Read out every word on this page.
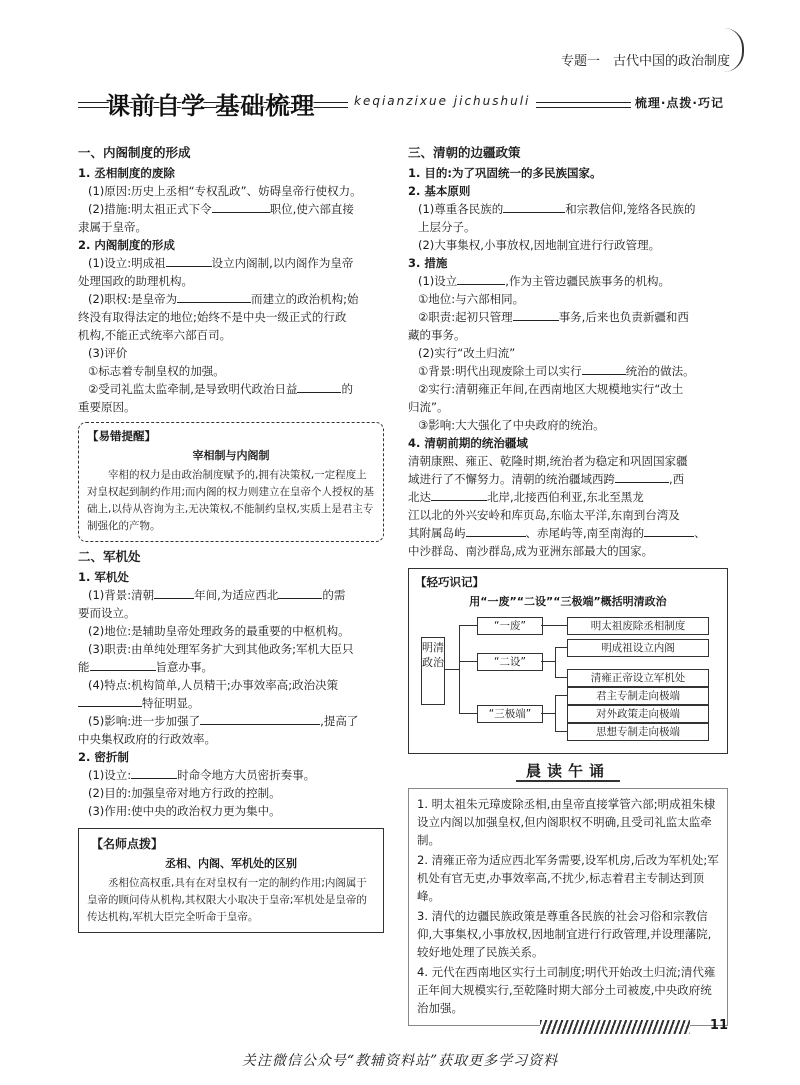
专题一　古代中国的政治制度
课前自学 基础梳理	keqianzixue jichushuli	梳理·点拨·巧记
一、内阁制度的形成
1. 丞相制度的废除

(1)原因:历史上丞相“专权乱政”、妨碍皇帝行使权力。

(2)措施:明太祖正式下令	职位,使六部直接

隶属于皇帝。

2. 内阁制度的形成

(1)设立:明成祖	设立内阁制,以内阁作为皇帝

处理国政的助理机构。

(2)职权:是皇帝为	而建立的政治机构;始

终没有取得法定的地位;始终不是中央一级正式的行政

机构,不能正式统率六部百司。

(3)评价

①标志着专制皇权的加强。

②受司礼监太监牵制,是导致明代政治日益	的

重要原因。

【易错提醒】
宰相制与内阁制
宰相的权力是由政治制度赋予的,拥有决策权,一定程度上对皇权起到制约作用;而内阁的权力则建立在皇帝个人授权的基础上,以侍从咨询为主,无决策权,不能制约皇权,实质上是君主专制强化的产物。
二、军机处
1. 军机处

(1)背景:清朝	年间,为适应西北	的需

要而设立。

(2)地位:是辅助皇帝处理政务的最重要的中枢机构。

(3)职责:由单纯处理军务扩大到其他政务;军机大臣只

能	旨意办事。

(4)特点:机构简单,人员精干;办事效率高;政治决策

特征明显。

(5)影响:进一步加强了	,提高了

中央集权政府的行政效率。

2. 密折制

(1)设立:	时命令地方大员密折奏事。

(2)目的:加强皇帝对地方行政的控制。

(3)作用:使中央的政治权力更为集中。

【名师点拨】
丞相、内阁、军机处的区别
丞相位高权重,具有在对皇权有一定的制约作用;内阁属于皇帝的顾问侍从机构,其权限大小取决于皇帝;军机处是皇帝的传达机构,军机大臣完全听命于皇帝。
三、清朝的边疆政策
1. 目的:为了巩固统一的多民族国家。
2. 基本原则

(1)尊重各民族的	和宗教信仰,笼络各民族的

上层分子。

(2)大事集权,小事放权,因地制宜进行行政管理。

3. 措施

(1)设立	,作为主管边疆民族事务的机构。

①地位:与六部相同。

②职责:起初只管理	事务,后来也负责新疆和西

藏的事务。

(2)实行“改土归流”

①背景:明代出现废除土司以实行	统治的做法。

②实行:清朝雍正年间,在西南地区大规模地实行“改土

归流”。

③影响:大大强化了中央政府的统治。

4. 清朝前期的统治疆域

清朝康熙、雍正、乾隆时期,统治者为稳定和巩固国家疆

域进行了不懈努力。清朝的统治疆域西跨	,西

北达	北岸,北接西伯利亚,东北至黑龙

江以北的外兴安岭和库页岛,东临太平洋,东南到台湾及

其附属岛屿	、赤尾屿等,南至南海的	、

中沙群岛、南沙群岛,成为亚洲东部最大的国家。

【轻巧识记】
用“一废”“二设”“三极端”概括明清政治
明清政治
“一废”
“二设”
“三极端”
明太祖废除丞相制度
明成祖设立内阁
清雍正帝设立军机处
君主专制走向极端
对外政策走向极端
思想专制走向极端
晨读午诵

1. 明太祖朱元璋废除丞相,由皇帝直接掌管六部;明成祖朱棣设立内阁以加强皇权,但内阁职权不明确,且受司礼监太监牵制。

2. 清雍正帝为适应西北军务需要,设军机房,后改为军机处;军机处有官无吏,办事效率高,不扰少,标志着君主专制达到顶峰。

3. 清代的边疆民族政策是尊重各民族的社会习俗和宗教信仰,大事集权,小事放权,因地制宜进行行政管理,并设理藩院,较好地处理了民族关系。

4. 元代在西南地区实行土司制度;明代开始改土归流;清代雍正年间大规模实行,至乾隆时期大部分土司被废,中央政府统治加强。

11
关注微信公众号“教辅资料站”获取更多学习资料
